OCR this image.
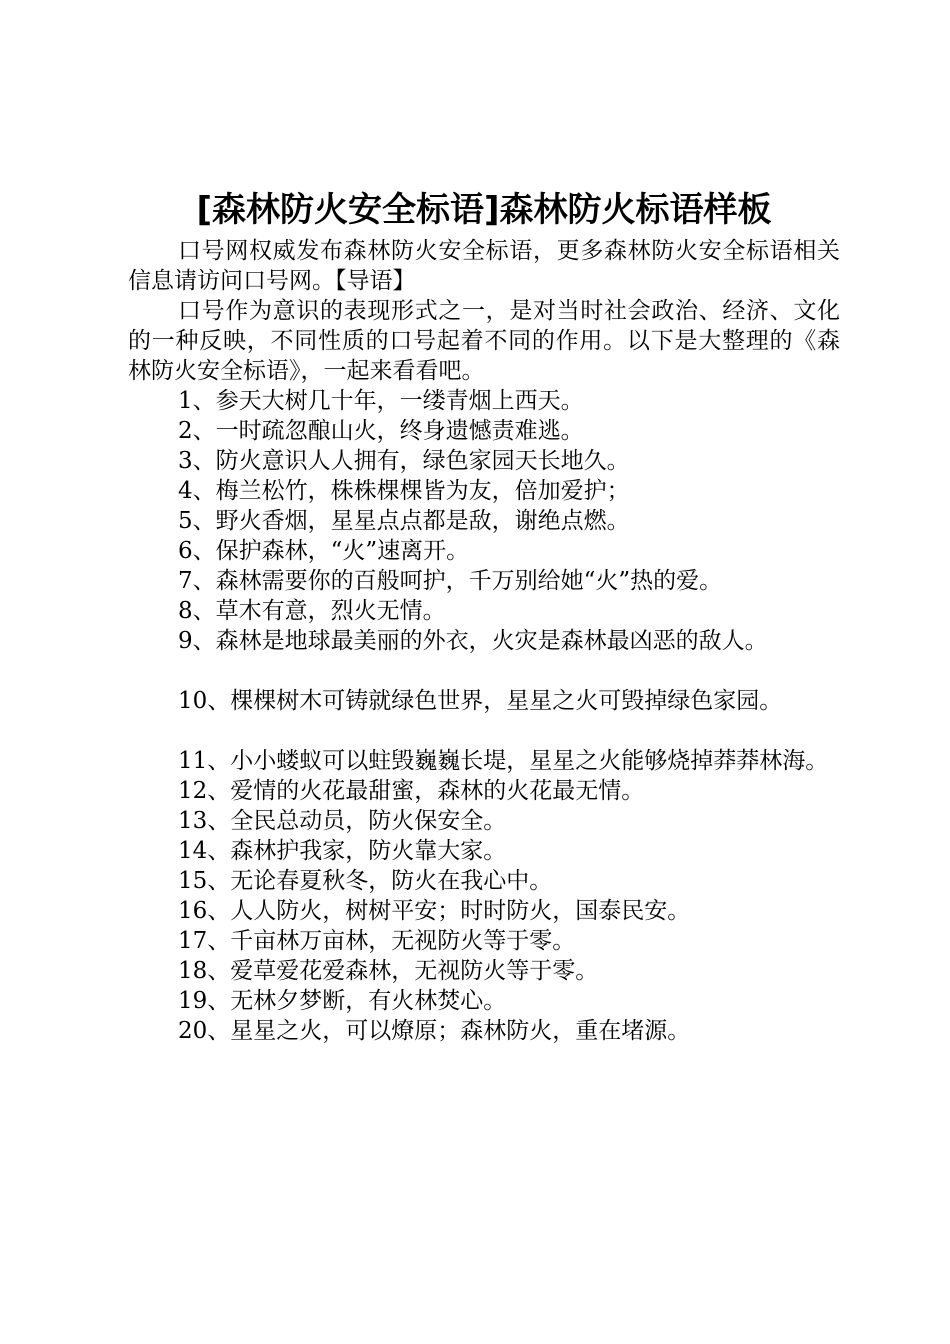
[森林防火安全标语]森林防火标语样板

口号网权威发布森林防火安全标语，更多森林防火安全标语相关信息请访问口号网。【导语】

口号作为意识的表现形式之一，是对当时社会政治、经济、文化的一种反映，不同性质的口号起着不同的作用。以下是大整理的《森林防火安全标语》，一起来看看吧。

1、参天大树几十年，一缕青烟上西天。
2、一时疏忽酿山火，终身遗憾责难逃。
3、防火意识人人拥有，绿色家园天长地久。
4、梅兰松竹，株株棵棵皆为友，倍加爱护；
5、野火香烟，星星点点都是敌，谢绝点燃。
6、保护森林，“火”速离开。
7、森林需要你的百般呵护，千万别给她“火”热的爱。
8、草木有意，烈火无情。
9、森林是地球最美丽的外衣，火灾是森林最凶恶的敌人。
10、棵棵树木可铸就绿色世界，星星之火可毁掉绿色家园。
11、小小蝼蚁可以蛀毁巍巍长堤，星星之火能够烧掉莽莽林海。
12、爱情的火花最甜蜜，森林的火花最无情。
13、全民总动员，防火保安全。
14、森林护我家，防火靠大家。
15、无论春夏秋冬，防火在我心中。
16、人人防火，树树平安；时时防火，国泰民安。
17、千亩林万亩林，无视防火等于零。
18、爱草爱花爱森林，无视防火等于零。
19、无林夕梦断，有火林焚心。
20、星星之火，可以燎原；森林防火，重在堵源。
